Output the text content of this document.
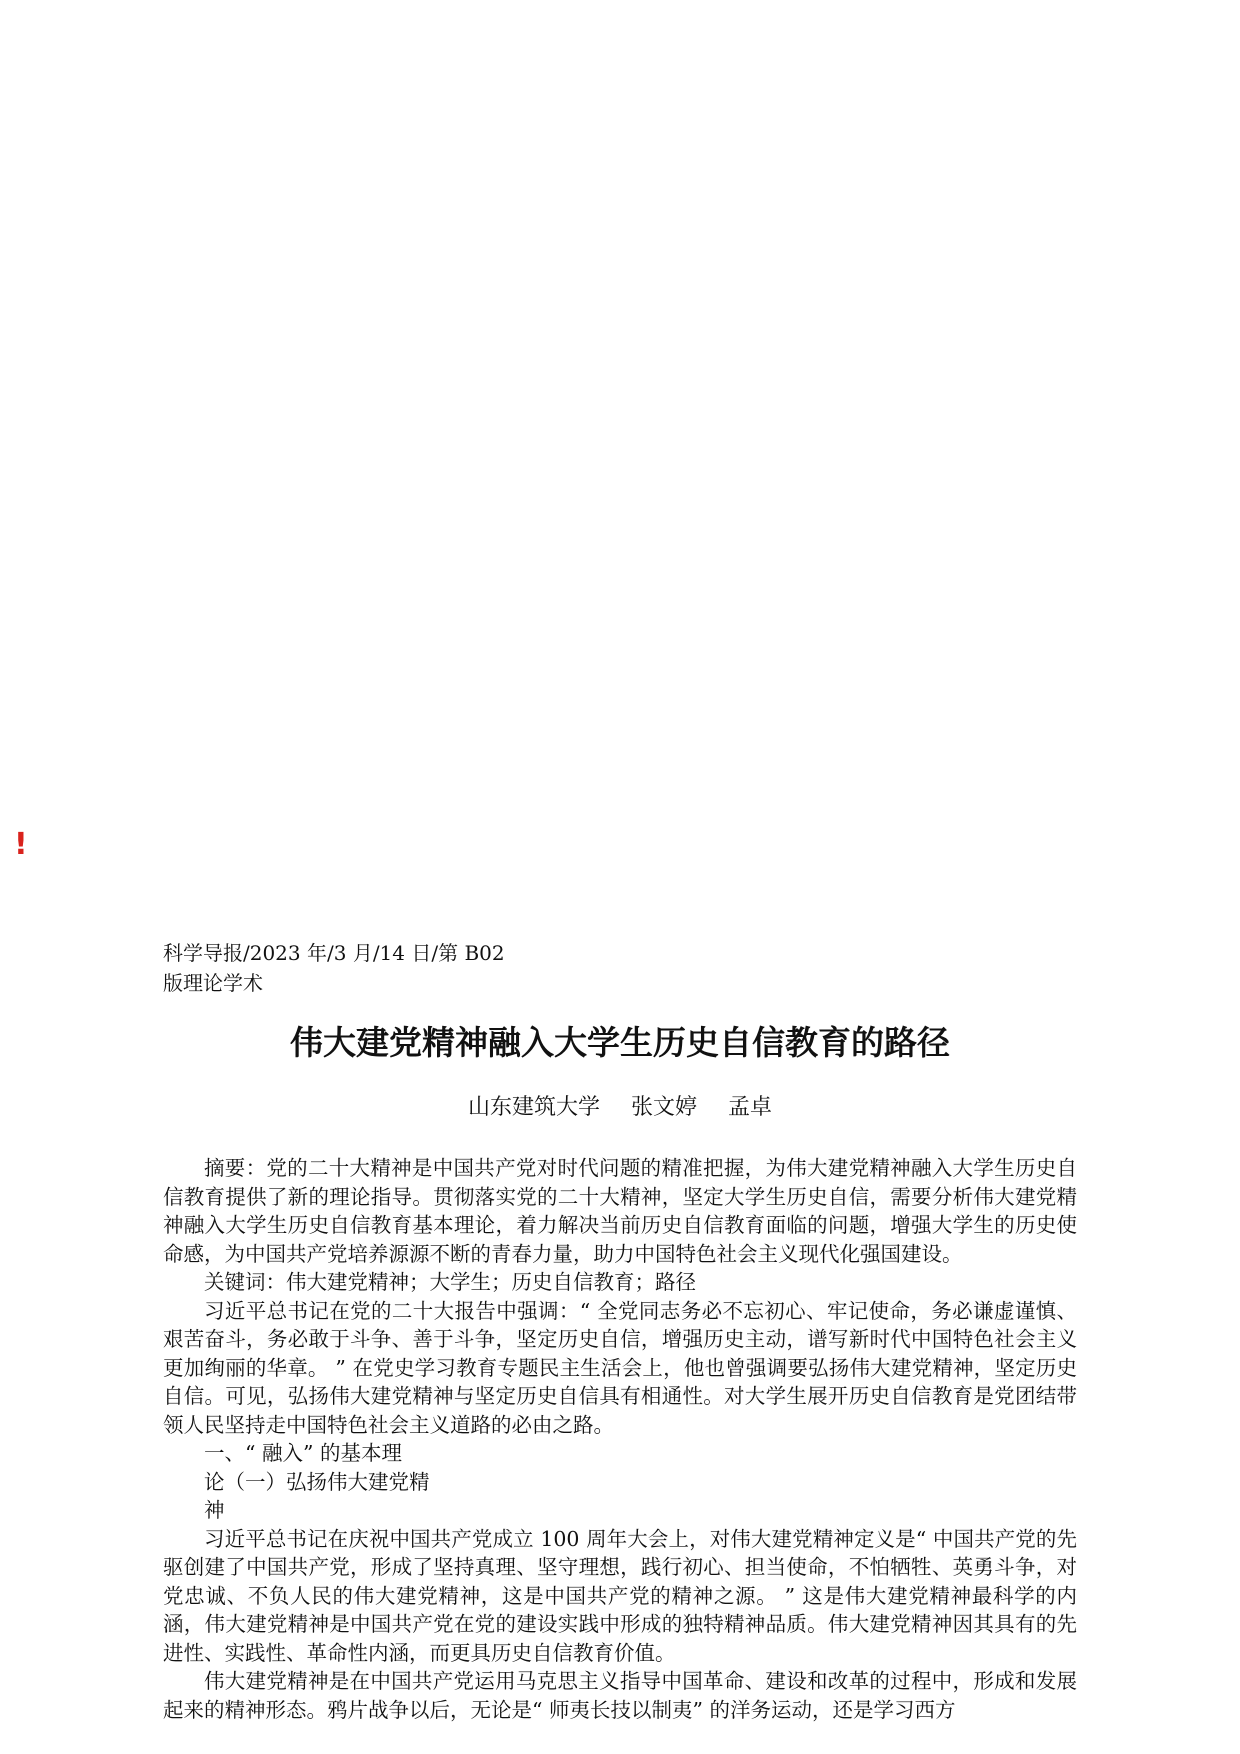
!
科学导报/2023 年/3 月/14 日/第 B02
版理论学术
伟大建党精神融入大学生历史自信教育的路径
山东建筑大学 张文婷 孟卓

摘要：党的二十大精神是中国共产党对时代问题的精准把握，为伟大建党精神融入大学生历史自信教育提供了新的理论指导。贯彻落实党的二十大精神，坚定大学生历史自信，需要分析伟大建党精神融入大学生历史自信教育基本理论，着力解决当前历史自信教育面临的问题，增强大学生的历史使命感，为中国共产党培养源源不断的青春力量，助力中国特色社会主义现代化强国建设。

关键词：伟大建党精神；大学生；历史自信教育；路径

习近平总书记在党的二十大报告中强调：“ 全党同志务必不忘初心、牢记使命，务必谦虚谨慎、艰苦奋斗，务必敢于斗争、善于斗争，坚定历史自信，增强历史主动，谱写新时代中国特色社会主义更加绚丽的华章。 ” 在党史学习教育专题民主生活会上，他也曾强调要弘扬伟大建党精神，坚定历史自信。可见，弘扬伟大建党精神与坚定历史自信具有相通性。对大学生展开历史自信教育是党团结带领人民坚持走中国特色社会主义道路的必由之路。

一、“ 融入” 的基本理

论（一）弘扬伟大建党精

神

习近平总书记在庆祝中国共产党成立 100 周年大会上，对伟大建党精神定义是“ 中国共产党的先驱创建了中国共产党，形成了坚持真理、坚守理想，践行初心、担当使命，不怕牺牲、英勇斗争，对党忠诚、不负人民的伟大建党精神，这是中国共产党的精神之源。 ” 这是伟大建党精神最科学的内涵，伟大建党精神是中国共产党在党的建设实践中形成的独特精神品质。伟大建党精神因其具有的先进性、实践性、革命性内涵，而更具历史自信教育价值。

伟大建党精神是在中国共产党运用马克思主义指导中国革命、建设和改革的过程中，形成和发展起来的精神形态。鸦片战争以后，无论是“ 师夷长技以制夷” 的洋务运动，还是学习西方
